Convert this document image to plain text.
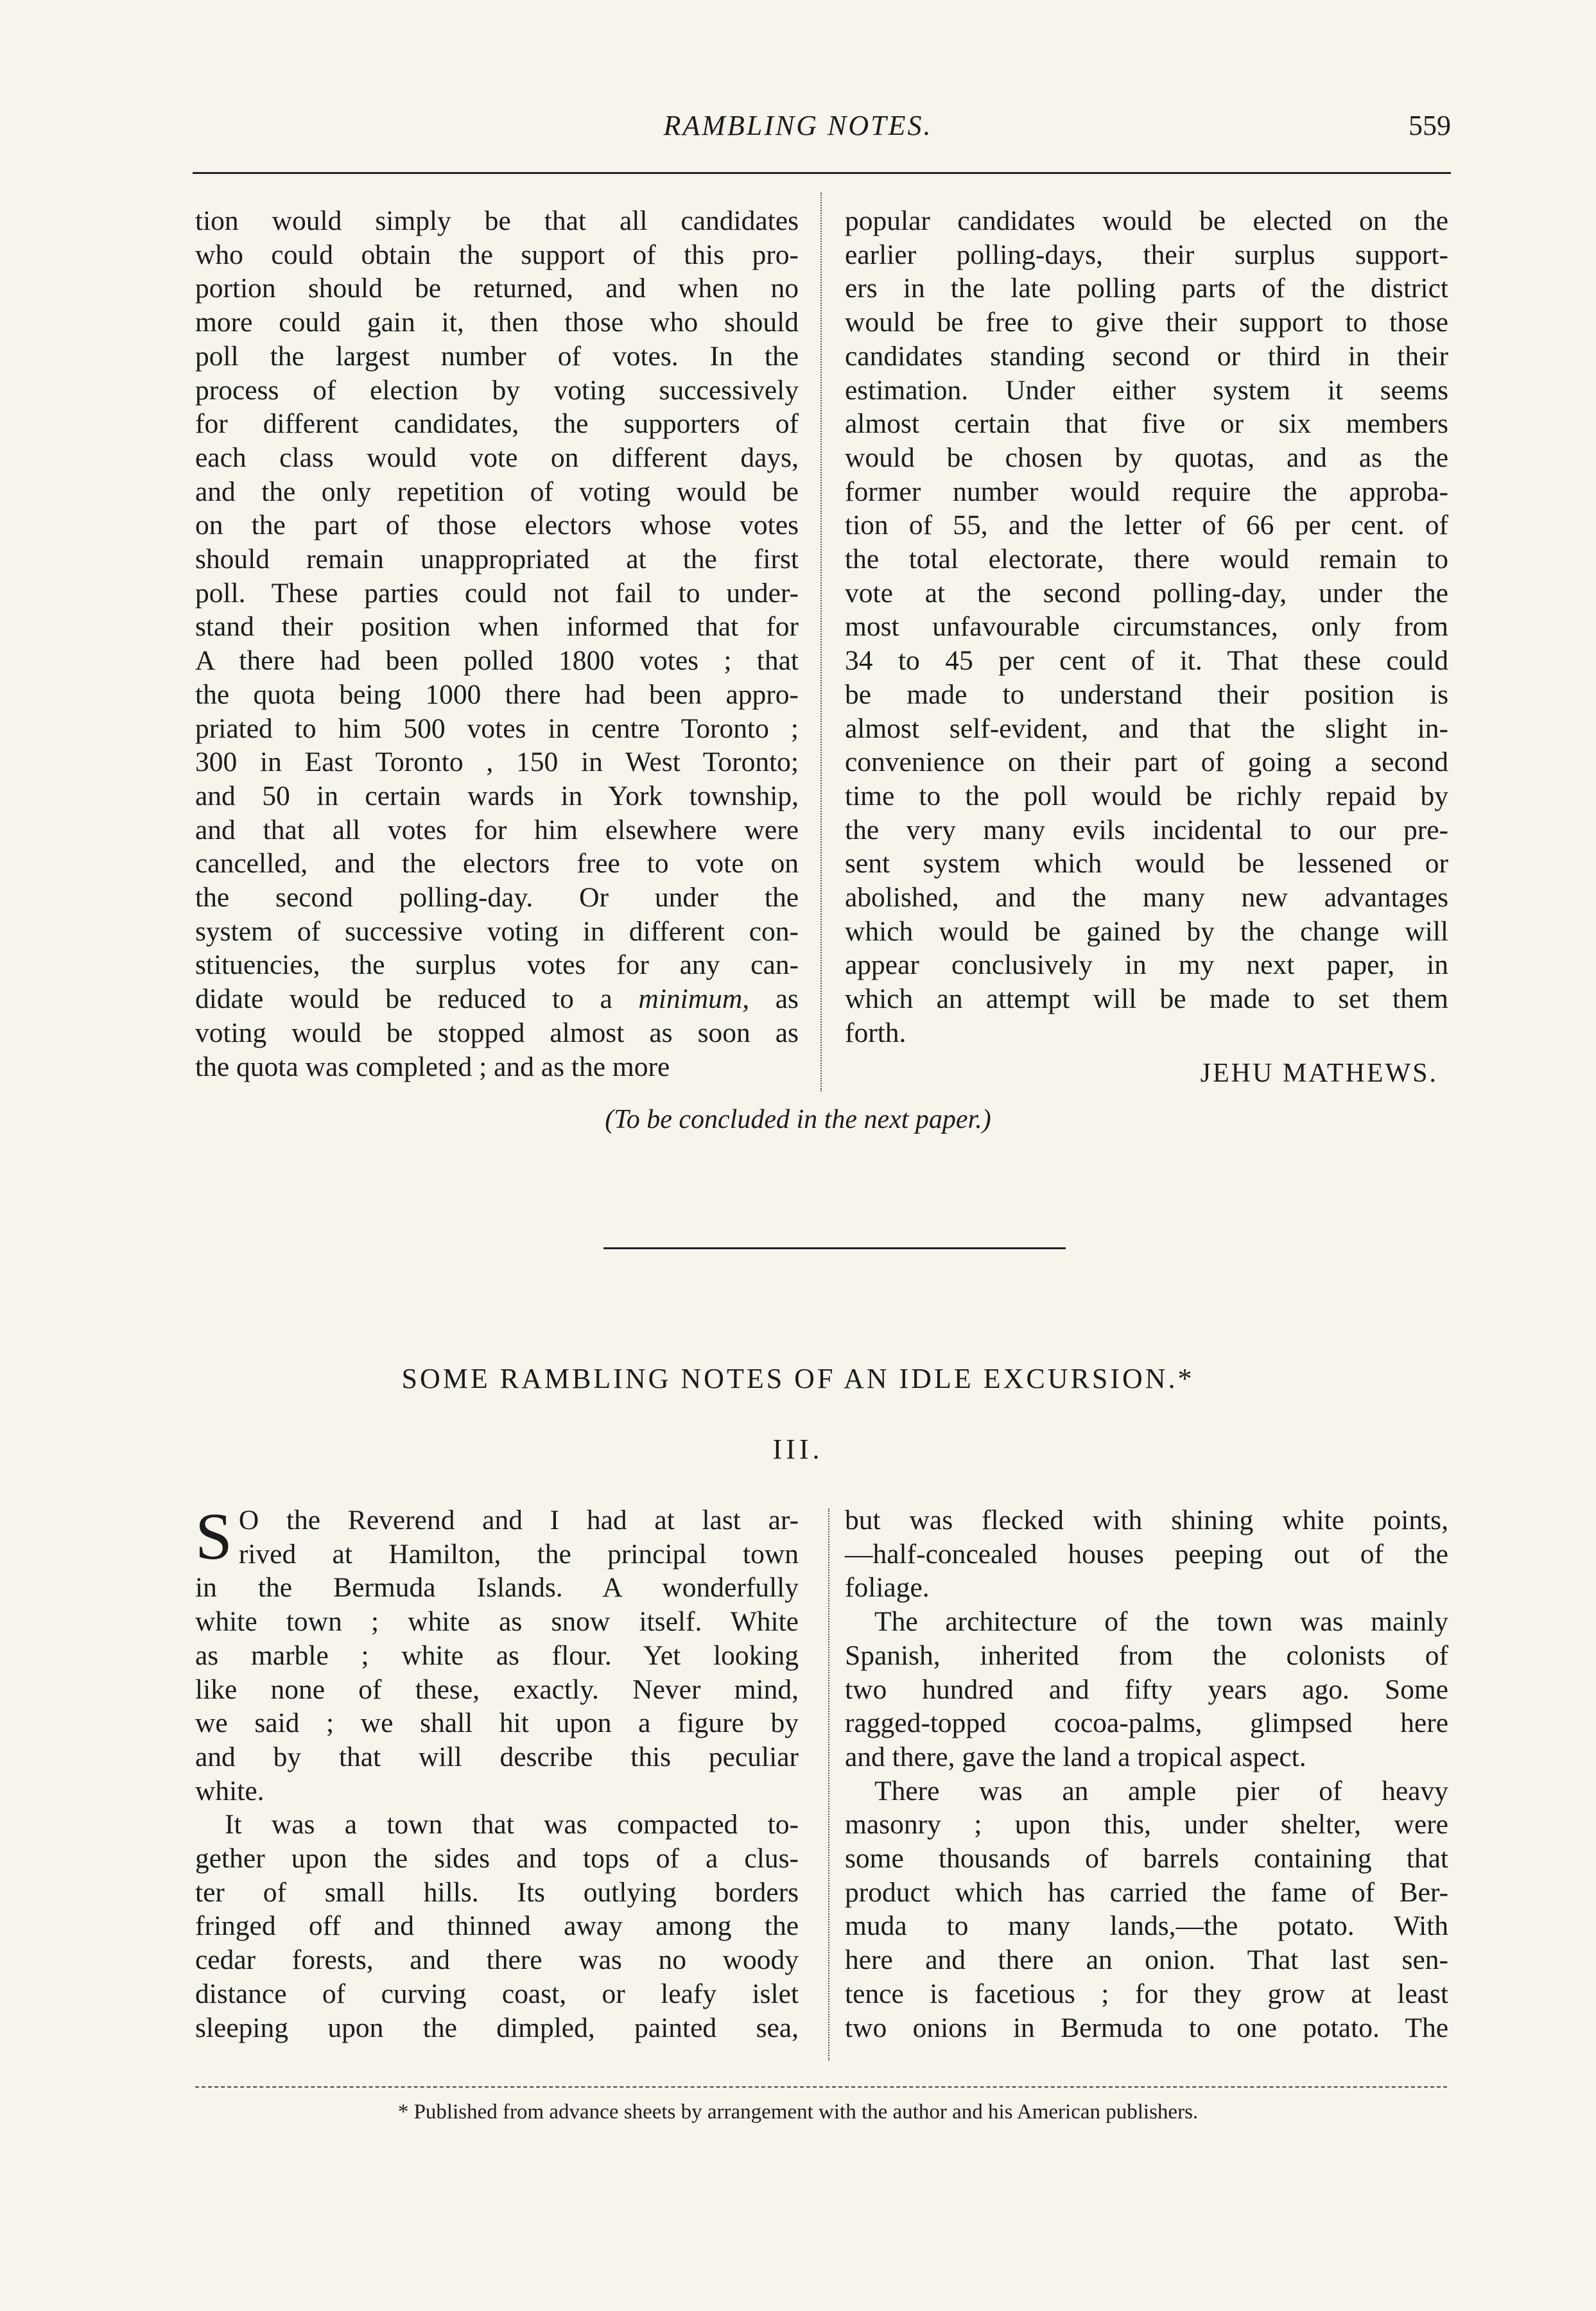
RAMBLING NOTES.	559

tion would simply be that all candidates
who could obtain the support of this pro-
portion should be returned, and when no
more could gain it, then those who should
poll the largest number of votes. In the
process of election by voting successively
for different candidates, the supporters of
each class would vote on different days,
and the only repetition of voting would be
on the part of those electors whose votes
should remain unappropriated at the first
poll. These parties could not fail to under-
stand their position when informed that for
A there had been polled 1800 votes ; that
the quota being 1000 there had been appro-
priated to him 500 votes in centre Toronto ;
300 in East Toronto , 150 in West Toronto;
and 50 in certain wards in York township,
and that all votes for him elsewhere were
cancelled, and the electors free to vote on
the second polling-day. Or under the
system of successive voting in different con-
stituencies, the surplus votes for any can-
didate would be reduced to a minimum, as
voting would be stopped almost as soon as
the quota was completed ; and as the more

popular candidates would be elected on the
earlier polling-days, their surplus support-
ers in the late polling parts of the district
would be free to give their support to those
candidates standing second or third in their
estimation. Under either system it seems
almost certain that five or six members
would be chosen by quotas, and as the
former number would require the approba-
tion of 55, and the letter of 66 per cent. of
the total electorate, there would remain to
vote at the second polling-day, under the
most unfavourable circumstances, only from
34 to 45 per cent of it. That these could
be made to understand their position is
almost self-evident, and that the slight in-
convenience on their part of going a second
time to the poll would be richly repaid by
the very many evils incidental to our pre-
sent system which would be lessened or
abolished, and the many new advantages
which would be gained by the change will
appear conclusively in my next paper, in
which an attempt will be made to set them
forth.

JEHU MATHEWS.
(To be concluded in the next paper.)
SOME RAMBLING NOTES OF AN IDLE EXCURSION.*
III.

S O the Reverend and I had at last ar-
rived at Hamilton, the principal town
in the Bermuda Islands. A wonderfully
white town ; white as snow itself. White
as marble ; white as flour. Yet looking
like none of these, exactly. Never mind,
we said ; we shall hit upon a figure by
and by that will describe this peculiar
white.

It was a town that was compacted to-
gether upon the sides and tops of a clus-
ter of small hills. Its outlying borders
fringed off and thinned away among the
cedar forests, and there was no woody
distance of curving coast, or leafy islet
sleeping upon the dimpled, painted sea,

but was flecked with shining white points,
—half-concealed houses peeping out of the
foliage.

The architecture of the town was mainly
Spanish, inherited from the colonists of
two hundred and fifty years ago. Some
ragged-topped cocoa-palms, glimpsed here
and there, gave the land a tropical aspect.

There was an ample pier of heavy
masonry ; upon this, under shelter, were
some thousands of barrels containing that
product which has carried the fame of Ber-
muda to many lands,—the potato. With
here and there an onion. That last sen-
tence is facetious ; for they grow at least
two onions in Bermuda to one potato. The

* Published from advance sheets by arrangement with the author and his American publishers.
